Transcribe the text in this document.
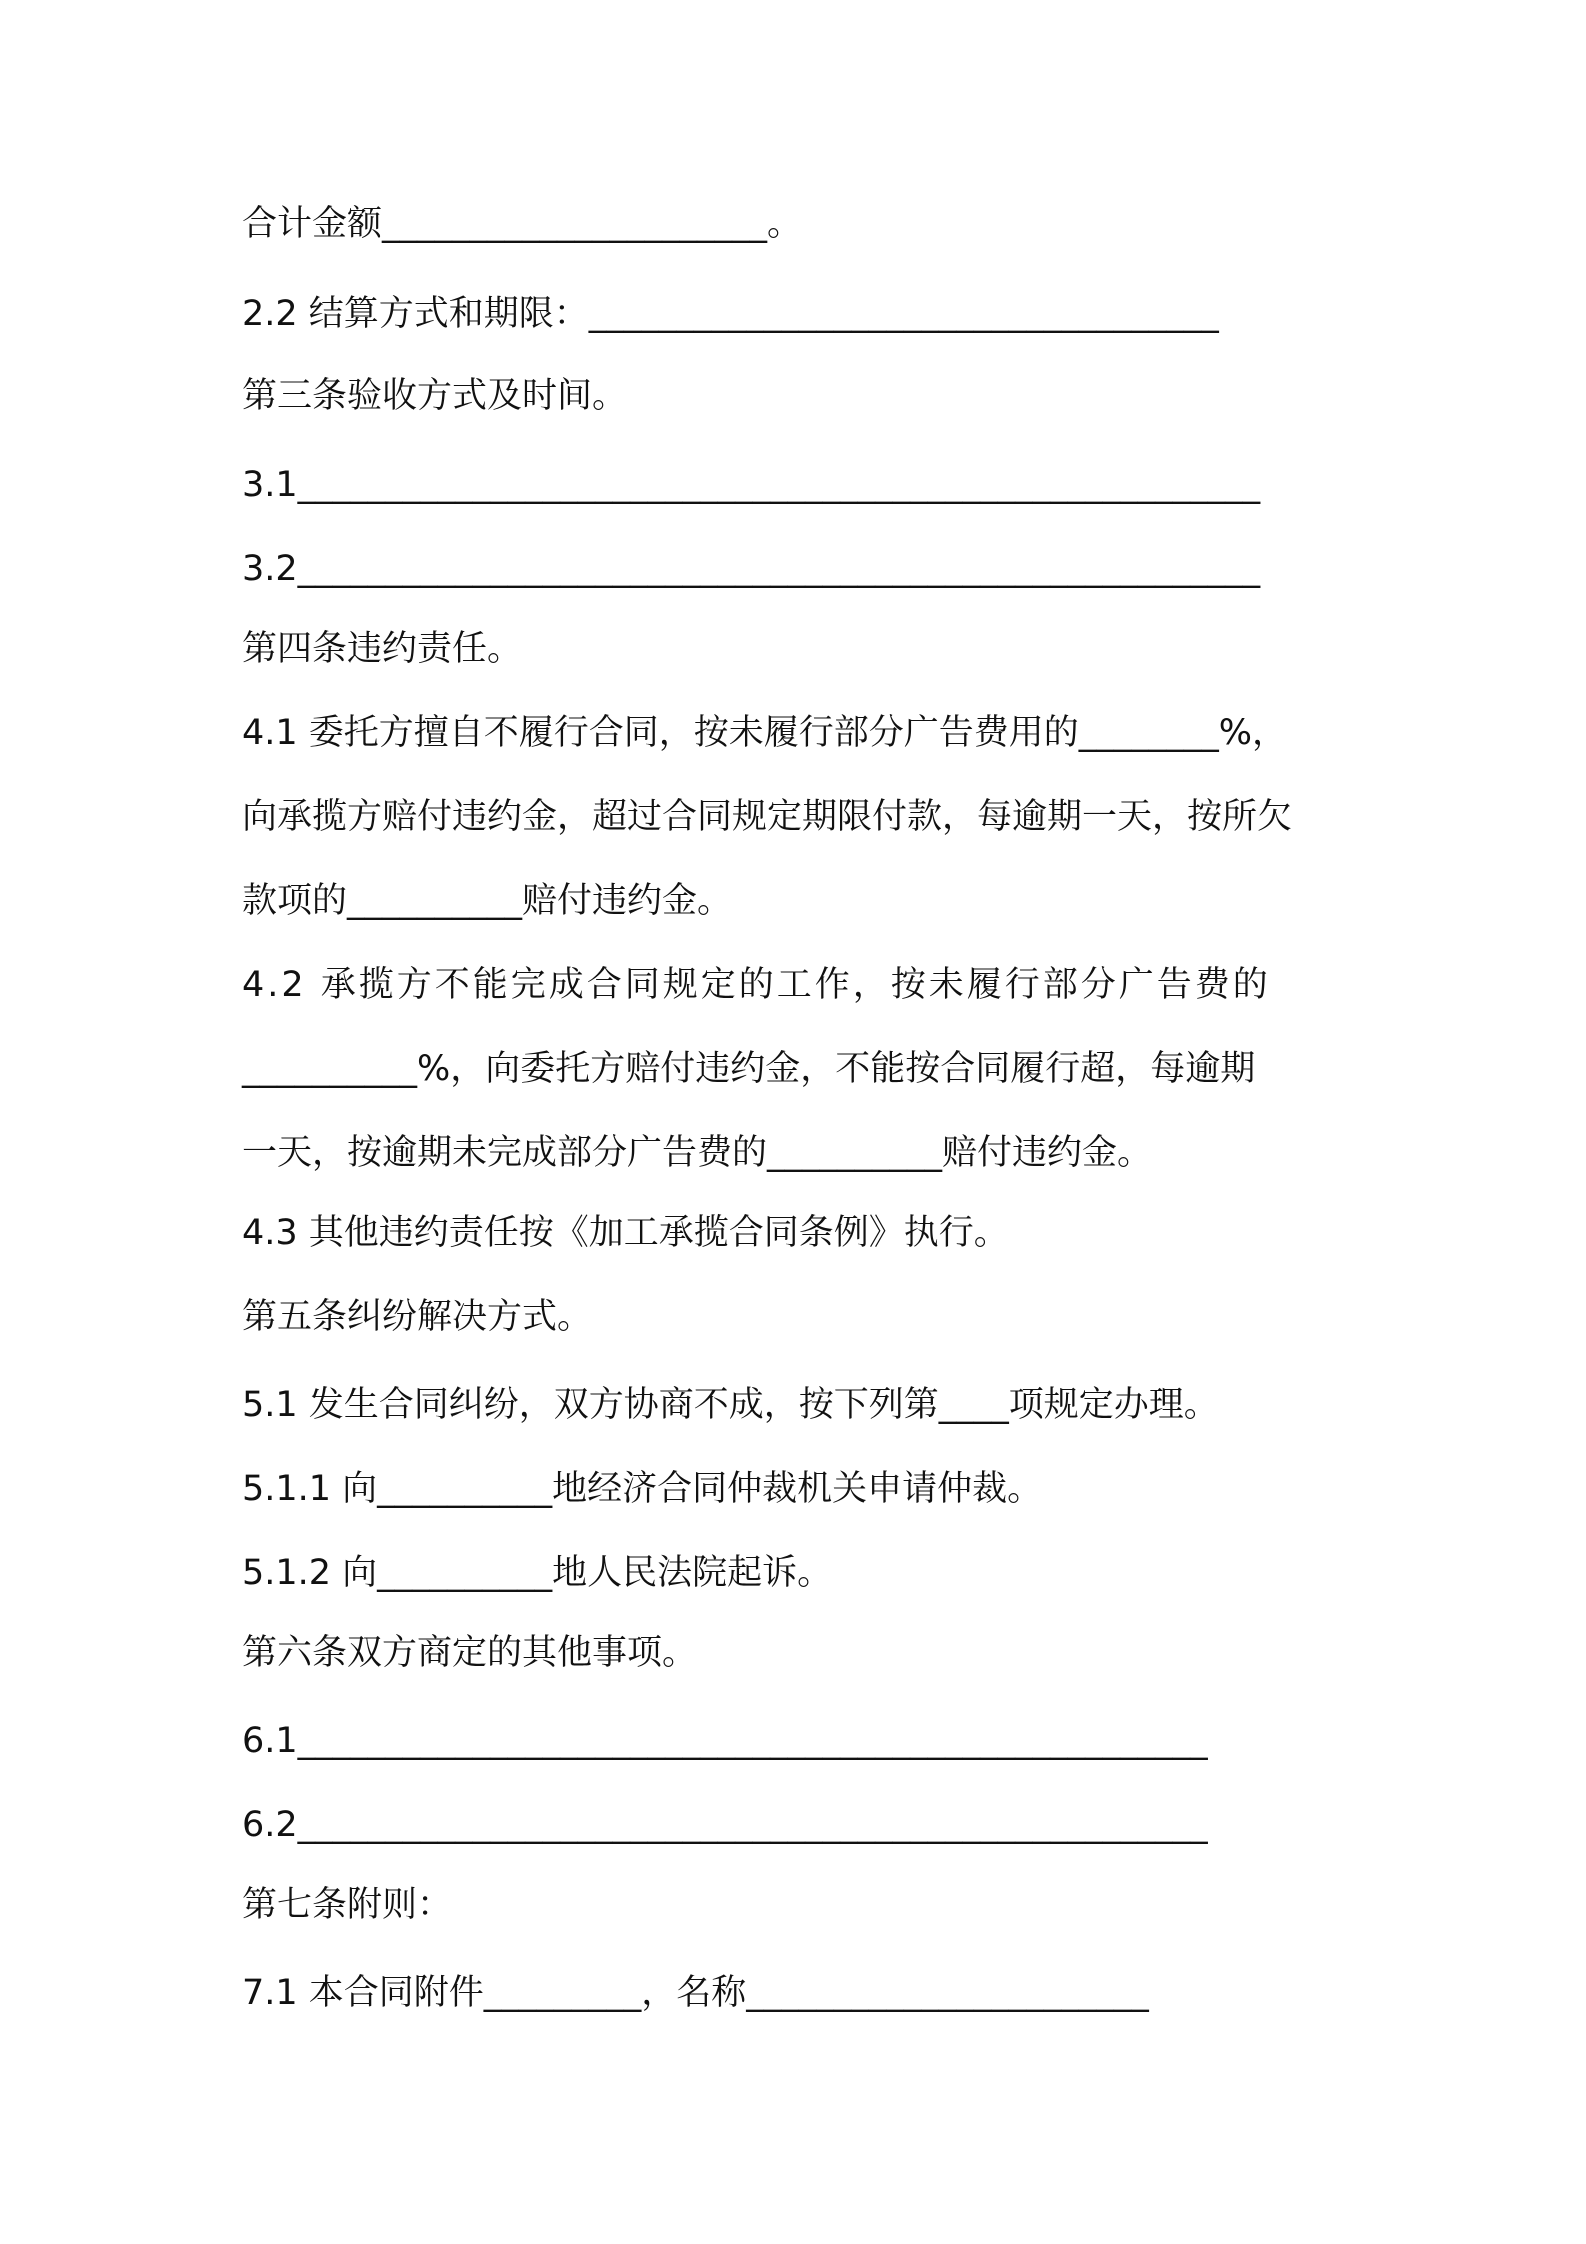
合计金额______________________。
2.2 结算方式和期限：____________________________________
第三条验收方式及时间。
3.1_______________________________________________________
3.2_______________________________________________________
第四条违约责任。
4.1 委托方擅自不履行合同，按未履行部分广告费用的________%，
向承揽方赔付违约金，超过合同规定期限付款，每逾期一天，按所欠
款项的__________赔付违约金。
4.2 承揽方不能完成合同规定的工作，按未履行部分广告费的
__________%，向委托方赔付违约金，不能按合同履行超，每逾期
一天，按逾期未完成部分广告费的__________赔付违约金。
4.3 其他违约责任按《加工承揽合同条例》执行。
第五条纠纷解决方式。
5.1 发生合同纠纷，双方协商不成，按下列第____项规定办理。
5.1.1 向__________地经济合同仲裁机关申请仲裁。
5.1.2 向__________地人民法院起诉。
第六条双方商定的其他事项。
6.1____________________________________________________
6.2____________________________________________________
第七条附则：
7.1 本合同附件_________，名称_______________________
